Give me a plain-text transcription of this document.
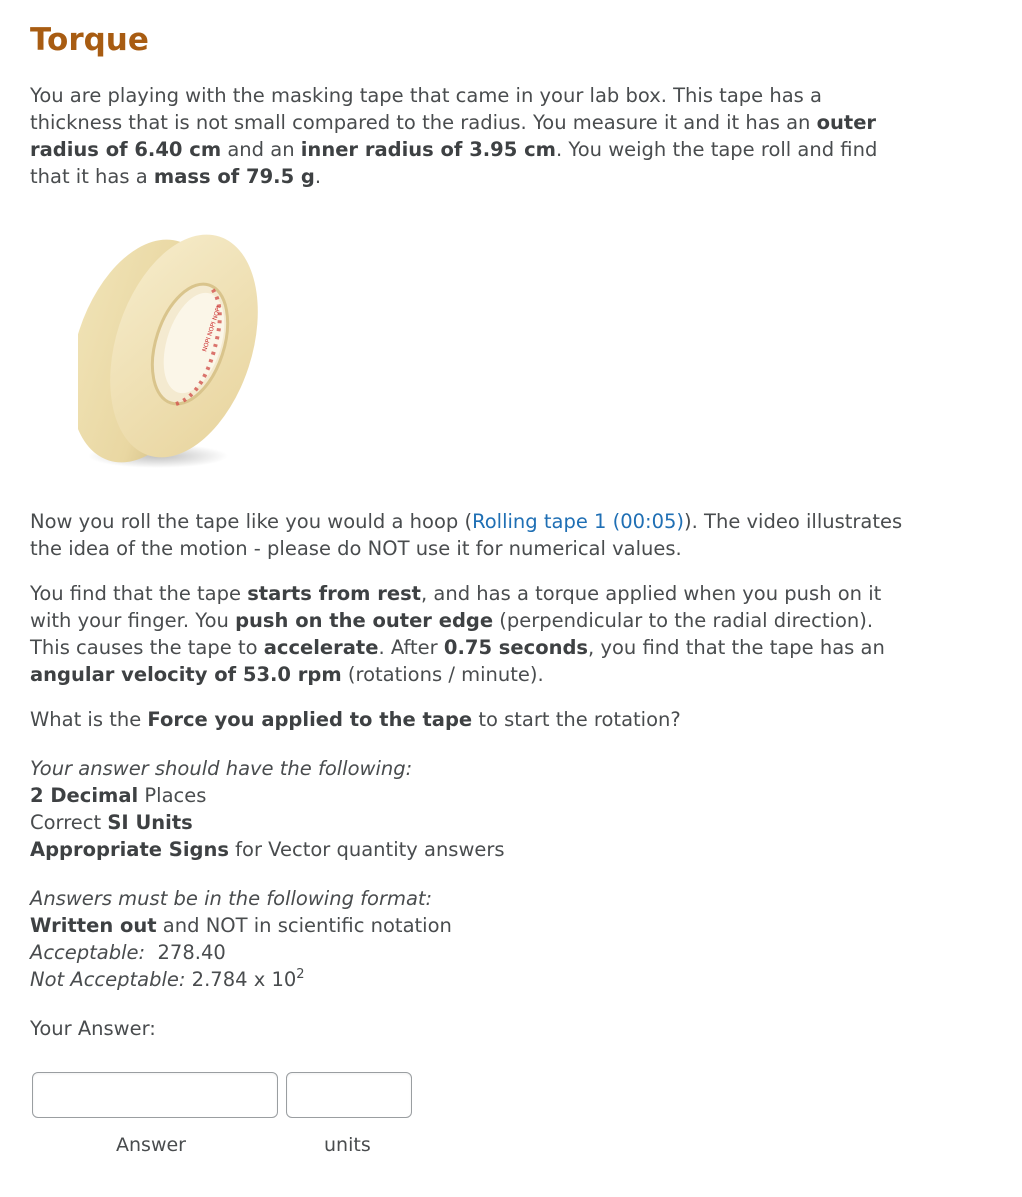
Torque

You are playing with the masking tape that came in your lab box. This tape has a thickness that is not small compared to the radius. You measure it and it has an outer radius of 6.40 cm and an inner radius of 3.95 cm. You weigh the tape roll and find that it has a mass of 79.5 g.

NOPI NOPI NOPI

Now you roll the tape like you would a hoop (Rolling tape 1 (00:05)). The video illustrates the idea of the motion - please do NOT use it for numerical values.

You find that the tape starts from rest, and has a torque applied when you push on it with your finger. You push on the outer edge (perpendicular to the radial direction). This causes the tape to accelerate. After 0.75 seconds, you find that the tape has an angular velocity of 53.0 rpm (rotations / minute).

What is the Force you applied to the tape to start the rotation?

Your answer should have the following:
2 Decimal Places
Correct SI Units
Appropriate Signs for Vector quantity answers
Answers must be in the following format:
Written out and NOT in scientific notation
Acceptable:  278.40
Not Acceptable: 2.784 x $10^2$
Your Answer:
Answer	units
